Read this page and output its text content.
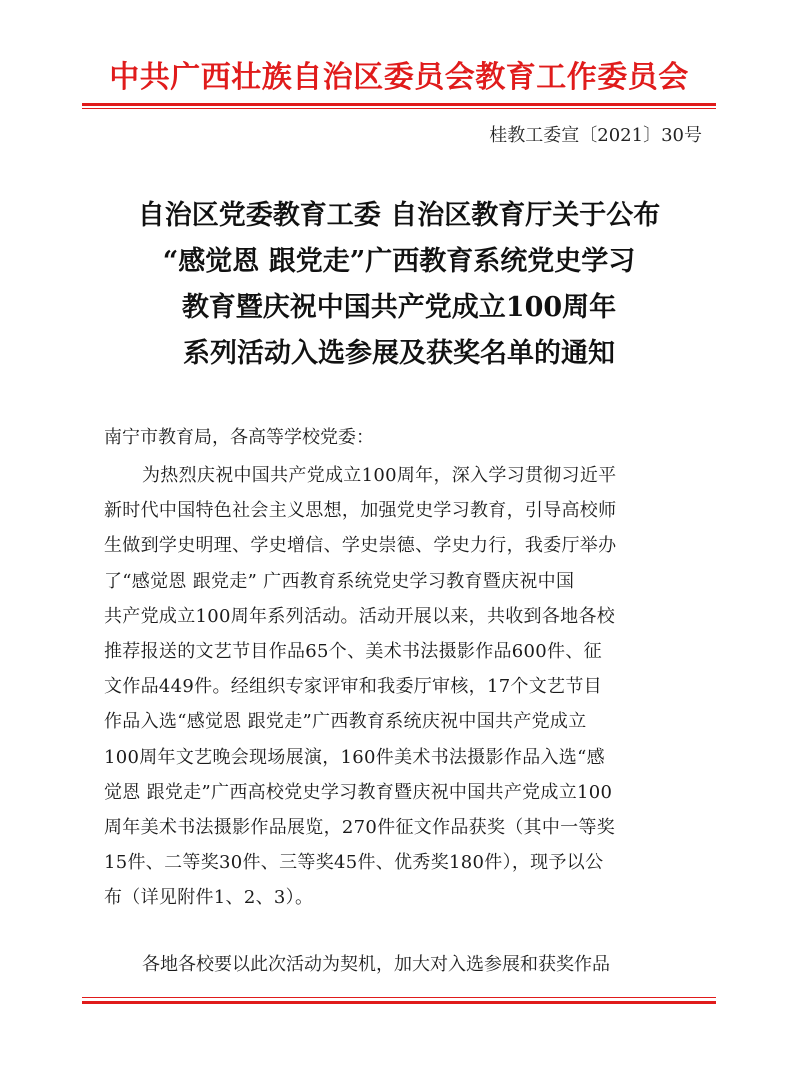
中共广西壮族自治区委员会教育工作委员会
桂教工委宣〔2021〕30号
自治区党委教育工委 自治区教育厅关于公布
“感觉恩 跟党走”广西教育系统党史学习
教育暨庆祝中国共产党成立100周年
系列活动入选参展及获奖名单的通知
南宁市教育局，各高等学校党委：
为热烈庆祝中国共产党成立100周年，深入学习贯彻习近平
新时代中国特色社会主义思想，加强党史学习教育，引导高校师
生做到学史明理、学史增信、学史崇德、学史力行，我委厅举办
了“感觉恩 跟党走” 广西教育系统党史学习教育暨庆祝中国
共产党成立100周年系列活动。活动开展以来，共收到各地各校
推荐报送的文艺节目作品65个、美术书法摄影作品600件、征
文作品449件。经组织专家评审和我委厅审核，17个文艺节目
作品入选“感觉恩 跟党走”广西教育系统庆祝中国共产党成立
100周年文艺晚会现场展演，160件美术书法摄影作品入选“感
觉恩 跟党走”广西高校党史学习教育暨庆祝中国共产党成立100
周年美术书法摄影作品展览，270件征文作品获奖（其中一等奖
15件、二等奖30件、三等奖45件、优秀奖180件），现予以公
布（详见附件1、2、3）。
各地各校要以此次活动为契机，加大对入选参展和获奖作品
